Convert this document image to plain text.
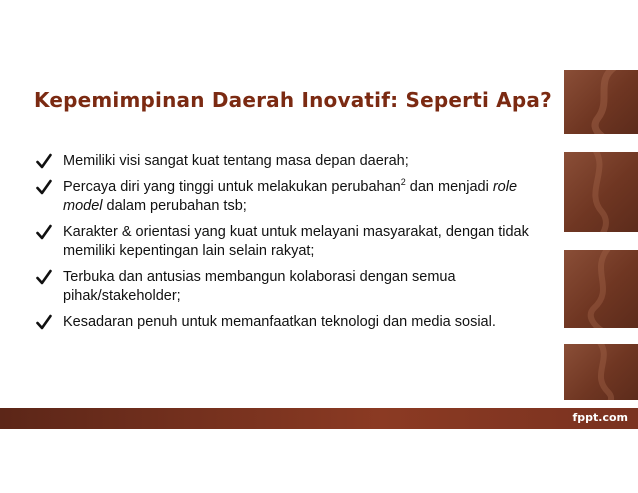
Kepemimpinan Daerah Inovatif: Seperti Apa?
Memiliki visi sangat kuat tentang masa depan daerah;
Percaya diri yang tinggi untuk melakukan perubahan$^2$ dan menjadi role model dalam perubahan tsb;
Karakter & orientasi yang kuat untuk melayani masyarakat, dengan tidak memiliki kepentingan lain selain rakyat;
Terbuka dan antusias membangun kolaborasi dengan semua pihak/stakeholder;
Kesadaran penuh untuk memanfaatkan teknologi dan media sosial.
fppt.com
